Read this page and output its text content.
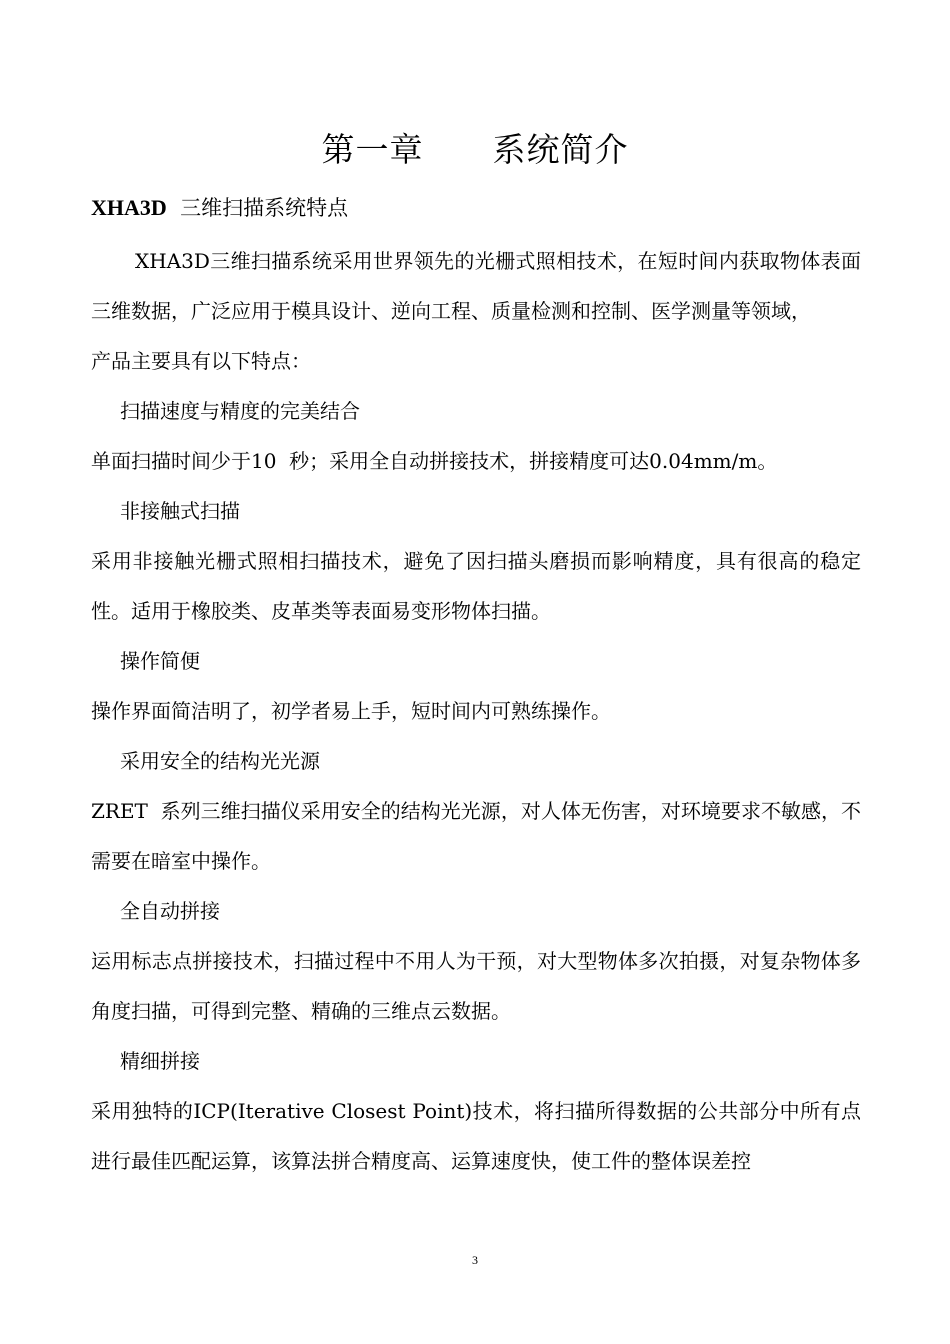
第一章      系统简介
XHA3D  三维扫描系统特点

XHA3D三维扫描系统采用世界领先的光栅式照相技术，在短时间内获取物体表面三维数据，广泛应用于模具设计、逆向工程、质量检测和控制、医学测量等领域，

产品主要具有以下特点：

扫描速度与精度的完美结合

单面扫描时间少于10  秒；采用全自动拼接技术，拼接精度可达0.04mm/m。

非接触式扫描

采用非接触光栅式照相扫描技术，避免了因扫描头磨损而影响精度，具有很高的稳定性。适用于橡胶类、皮革类等表面易变形物体扫描。

操作简便

操作界面简洁明了，初学者易上手，短时间内可熟练操作。

采用安全的结构光光源

ZRET  系列三维扫描仪采用安全的结构光光源，对人体无伤害，对环境要求不敏感，不需要在暗室中操作。

全自动拼接

运用标志点拼接技术，扫描过程中不用人为干预，对大型物体多次拍摄，对复杂物体多角度扫描，可得到完整、精确的三维点云数据。

精细拼接

采用独特的ICP(Iterative Closest Point)技术，将扫描所得数据的公共部分中所有点进行最佳匹配运算，该算法拼合精度高、运算速度快，使工件的整体误差控

3
